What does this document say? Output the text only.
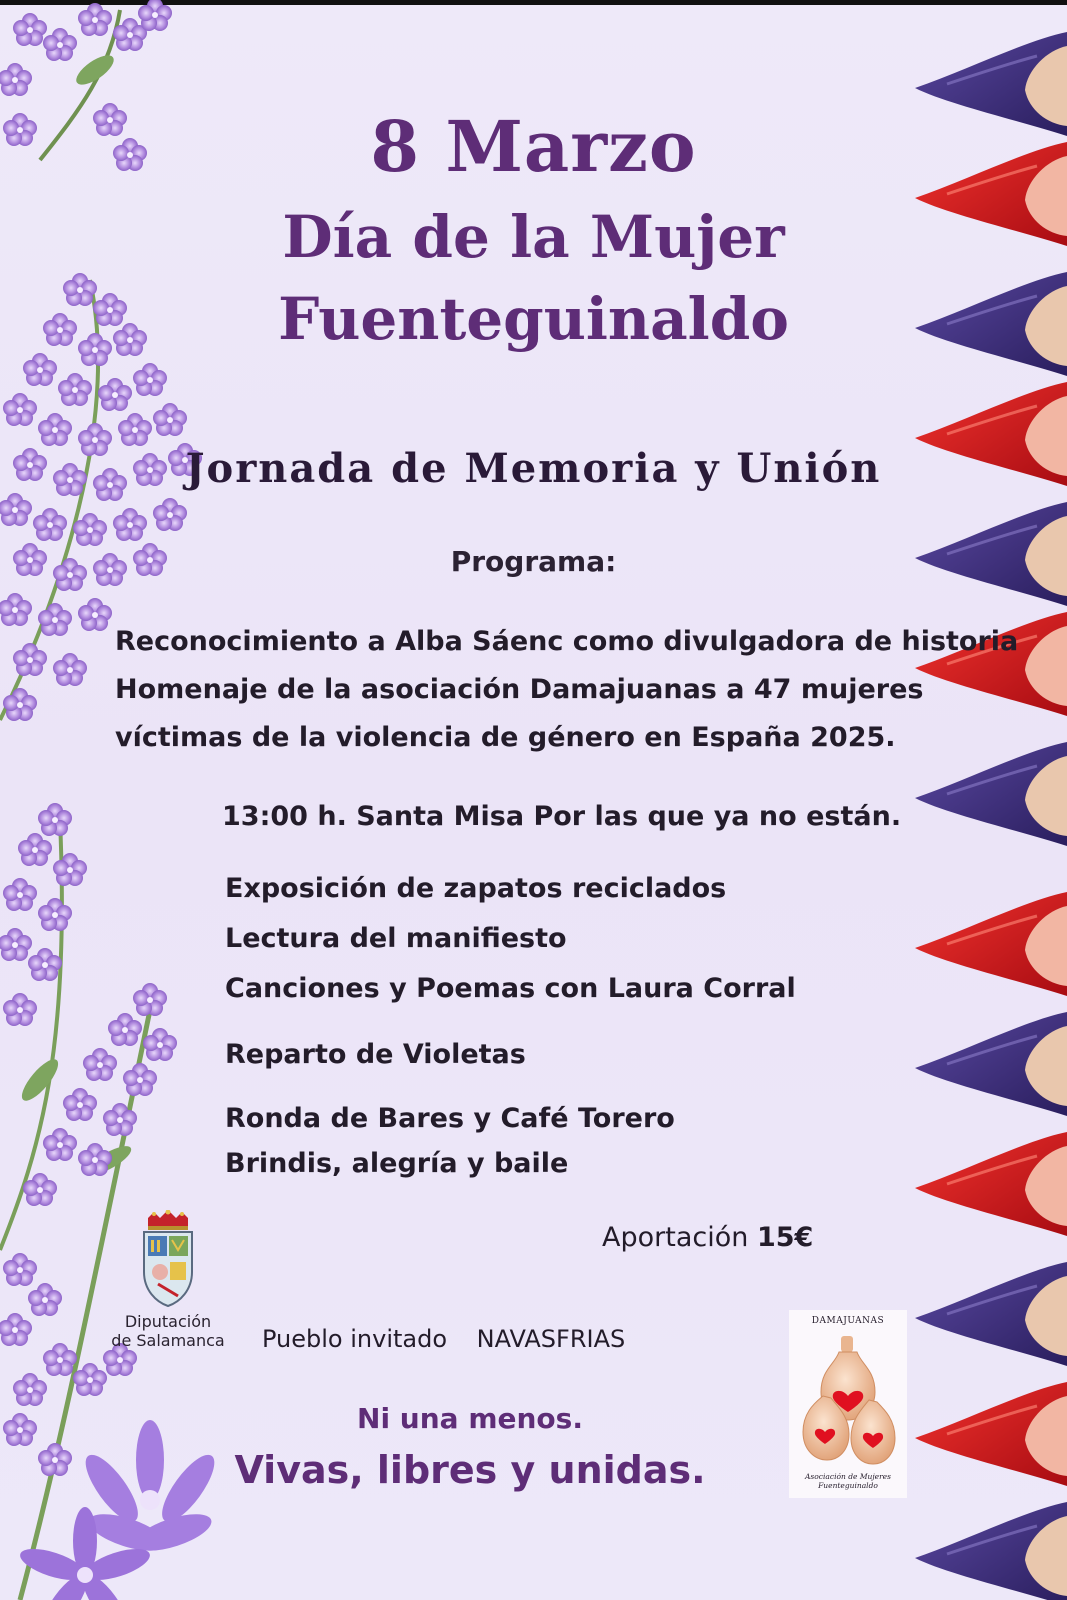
8 Marzo
Día de la Mujer
Fuenteguinaldo
Jornada de Memoria y Unión
Programa:
Reconocimiento a Alba Sáenc como divulgadora de historia
Homenaje de la asociación Damajuanas a 47 mujeres
víctimas de la violencia de género en España 2025.
13:00 h. Santa Misa Por las que ya no están.
Exposición de zapatos reciclados
Lectura del manifiesto
Canciones y Poemas con Laura Corral
Reparto de Violetas
Ronda de Bares y Café Torero
Brindis, alegría y baile
Aportación 15€
Diputación
de Salamanca Pueblo invitado NAVASFRIAS
Ni una menos.
Vivas, libres y unidas.
DAMAJUANAS
Asociación de Mujeres
Fuenteguinaldo
